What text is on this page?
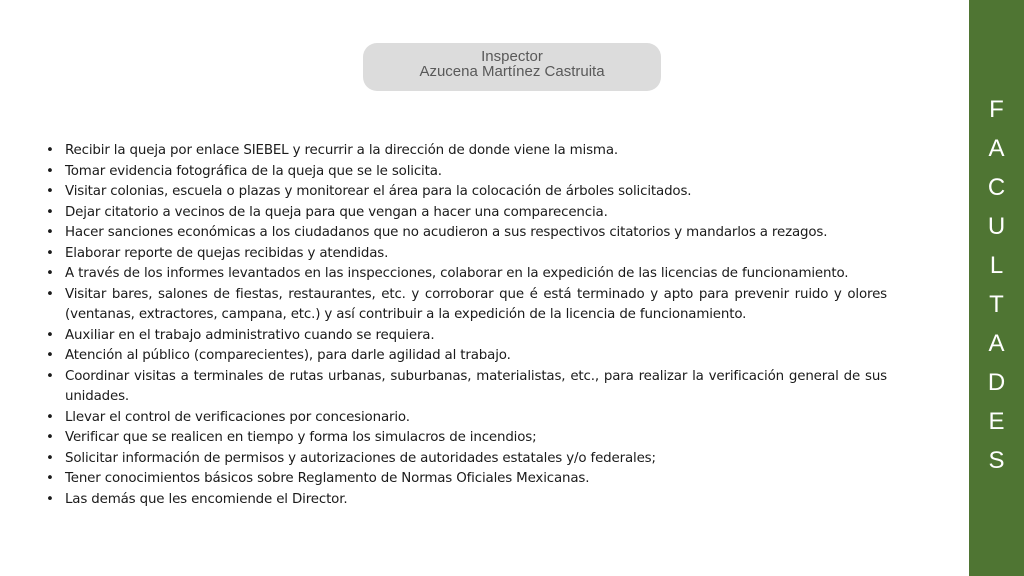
Inspector
Azucena Martínez Castruita
• Recibir la queja por enlace SIEBEL y recurrir a la dirección de donde viene la misma.
• Tomar evidencia fotográfica de la queja que se le solicita.
• Visitar colonias, escuela o plazas y monitorear el área para la colocación de árboles solicitados.
• Dejar citatorio a vecinos de la queja para que vengan a hacer una comparecencia.
• Hacer sanciones económicas a los ciudadanos que no acudieron a sus respectivos citatorios y mandarlos a rezagos.
• Elaborar reporte de quejas recibidas y atendidas.
• A través de los informes levantados en las inspecciones, colaborar en la expedición de las licencias de funcionamiento.
• Visitar bares, salones de fiestas, restaurantes, etc. y corroborar que é está terminado y apto para prevenir ruido y olores (ventanas, extractores, campana, etc.) y así contribuir a la expedición de la licencia de funcionamiento.
• Auxiliar en el trabajo administrativo cuando se requiera.
• Atención al público (comparecientes), para darle agilidad al trabajo.
• Coordinar visitas a terminales de rutas urbanas, suburbanas, materialistas, etc., para realizar la verificación general de sus unidades.
• Llevar el control de verificaciones por concesionario.
• Verificar que se realicen en tiempo y forma los simulacros de incendios;
• Solicitar información de permisos y autorizaciones de autoridades estatales y/o federales;
• Tener conocimientos básicos sobre Reglamento de Normas Oficiales Mexicanas.
• Las demás que les encomiende el Director.
F
A
C
U
L
T
A
D
E
S
